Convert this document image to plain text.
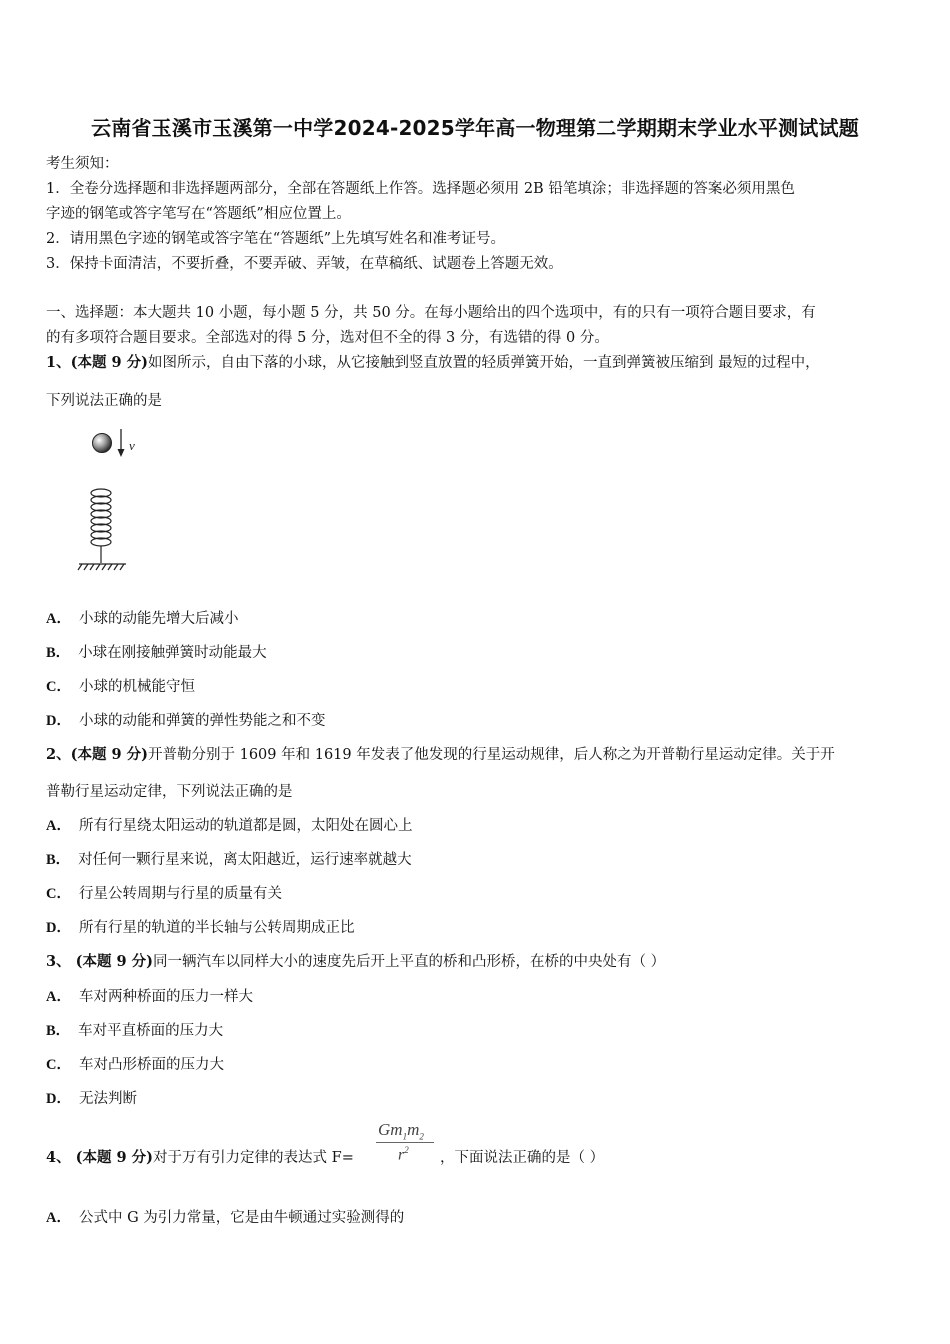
云南省玉溪市玉溪第一中学2024-2025学年高一物理第二学期期末学业水平测试试题
考生须知：
1．全卷分选择题和非选择题两部分，全部在答题纸上作答。选择题必须用 2B 铅笔填涂；非选择题的答案必须用黑色
字迹的钢笔或答字笔写在“答题纸”相应位置上。
2．请用黑色字迹的钢笔或答字笔在“答题纸”上先填写姓名和准考证号。
3．保持卡面清洁，不要折叠，不要弄破、弄皱，在草稿纸、试题卷上答题无效。
一、选择题：本大题共 10 小题，每小题 5 分，共 50 分。在每小题给出的四个选项中，有的只有一项符合题目要求，有
的有多项符合题目要求。全部选对的得 5 分，选对但不全的得 3 分，有选错的得 0 分。
1、(本题 9 分)如图所示，自由下落的小球，从它接触到竖直放置的轻质弹簧开始，一直到弹簧被压缩到 最短的过程中，
下列说法正确的是
v
A． 小球的动能先增大后减小
B． 小球在刚接触弹簧时动能最大
C． 小球的机械能守恒
D． 小球的动能和弹簧的弹性势能之和不变
2、(本题 9 分)开普勒分别于 1609 年和 1619 年发表了他发现的行星运动规律，后人称之为开普勒行星运动定律。关于开
普勒行星运动定律，下列说法正确的是
A． 所有行星绕太阳运动的轨道都是圆，太阳处在圆心上
B． 对任何一颗行星来说，离太阳越近，运行速率就越大
C． 行星公转周期与行星的质量有关
D． 所有行星的轨道的半长轴与公转周期成正比
3、 (本题 9 分)同一辆汽车以同样大小的速度先后开上平直的桥和凸形桥，在桥的中央处有（ ）
A． 车对两种桥面的压力一样大
B． 车对平直桥面的压力大
C． 车对凸形桥面的压力大
D． 无法判断
4、 (本题 9 分)对于万有引力定律的表达式 F=
$Gm_1m_2$
$r^2$ ，下面说法正确的是（ ）
A． 公式中 G 为引力常量，它是由牛顿通过实验测得的
